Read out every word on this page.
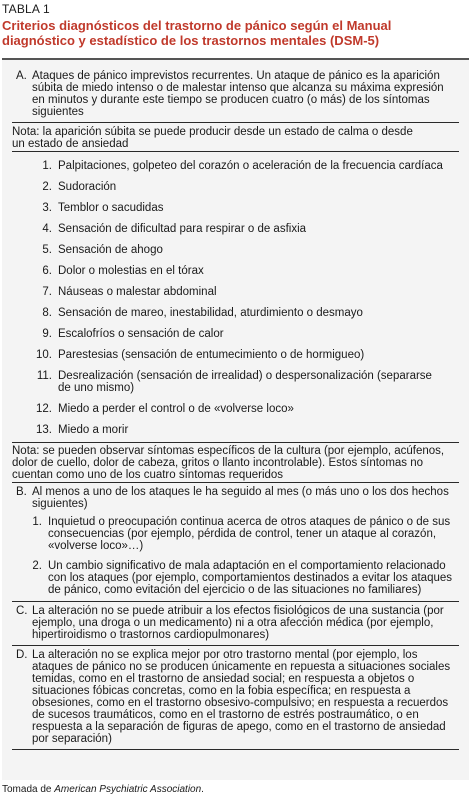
TABLA 1
Criterios diagnósticos del trastorno de pánico según el Manual
diagnóstico y estadístico de los trastornos mentales (DSM-5)
A. Ataques de pánico imprevistos recurrentes. Un ataque de pánico es la aparición
súbita de miedo intenso o de malestar intenso que alcanza su máxima expresión
en minutos y durante este tiempo se producen cuatro (o más) de los síntomas
siguientes
Nota: la aparición súbita se puede producir desde un estado de calma o desde
un estado de ansiedad
1. Palpitaciones, golpeteo del corazón o aceleración de la frecuencia cardíaca
2. Sudoración
3. Temblor o sacudidas
4. Sensación de dificultad para respirar o de asfixia
5. Sensación de ahogo
6. Dolor o molestias en el tórax
7. Náuseas o malestar abdominal
8. Sensación de mareo, inestabilidad, aturdimiento o desmayo
9. Escalofríos o sensación de calor
10. Parestesias (sensación de entumecimiento o de hormigueo)
11. Desrealización (sensación de irrealidad) o despersonalización (separarse
de uno mismo)
12. Miedo a perder el control o de «volverse loco»
13. Miedo a morir
Nota: se pueden observar síntomas específicos de la cultura (por ejemplo, acúfenos,
dolor de cuello, dolor de cabeza, gritos o llanto incontrolable). Estos síntomas no
cuentan como uno de los cuatro síntomas requeridos
B. Al menos a uno de los ataques le ha seguido al mes (o más uno o los dos hechos
siguientes)
1. Inquietud o preocupación continua acerca de otros ataques de pánico o de sus
consecuencias (por ejemplo, pérdida de control, tener un ataque al corazón,
«volverse loco»…)
2. Un cambio significativo de mala adaptación en el comportamiento relacionado
con los ataques (por ejemplo, comportamientos destinados a evitar los ataques
de pánico, como evitación del ejercicio o de las situaciones no familiares)
C. La alteración no se puede atribuir a los efectos fisiológicos de una sustancia (por
ejemplo, una droga o un medicamento) ni a otra afección médica (por ejemplo,
hipertiroidismo o trastornos cardiopulmonares)
D. La alteración no se explica mejor por otro trastorno mental (por ejemplo, los
ataques de pánico no se producen únicamente en repuesta a situaciones sociales
temidas, como en el trastorno de ansiedad social; en respuesta a objetos o
situaciones fóbicas concretas, como en la fobia específica; en respuesta a
obsesiones, como en el trastorno obsesivo-compulsivo; en respuesta a recuerdos
de sucesos traumáticos, como en el trastorno de estrés postraumático, o en
respuesta a la separación de figuras de apego, como en el trastorno de ansiedad
por separación)
Tomada de American Psychiatric Association.
